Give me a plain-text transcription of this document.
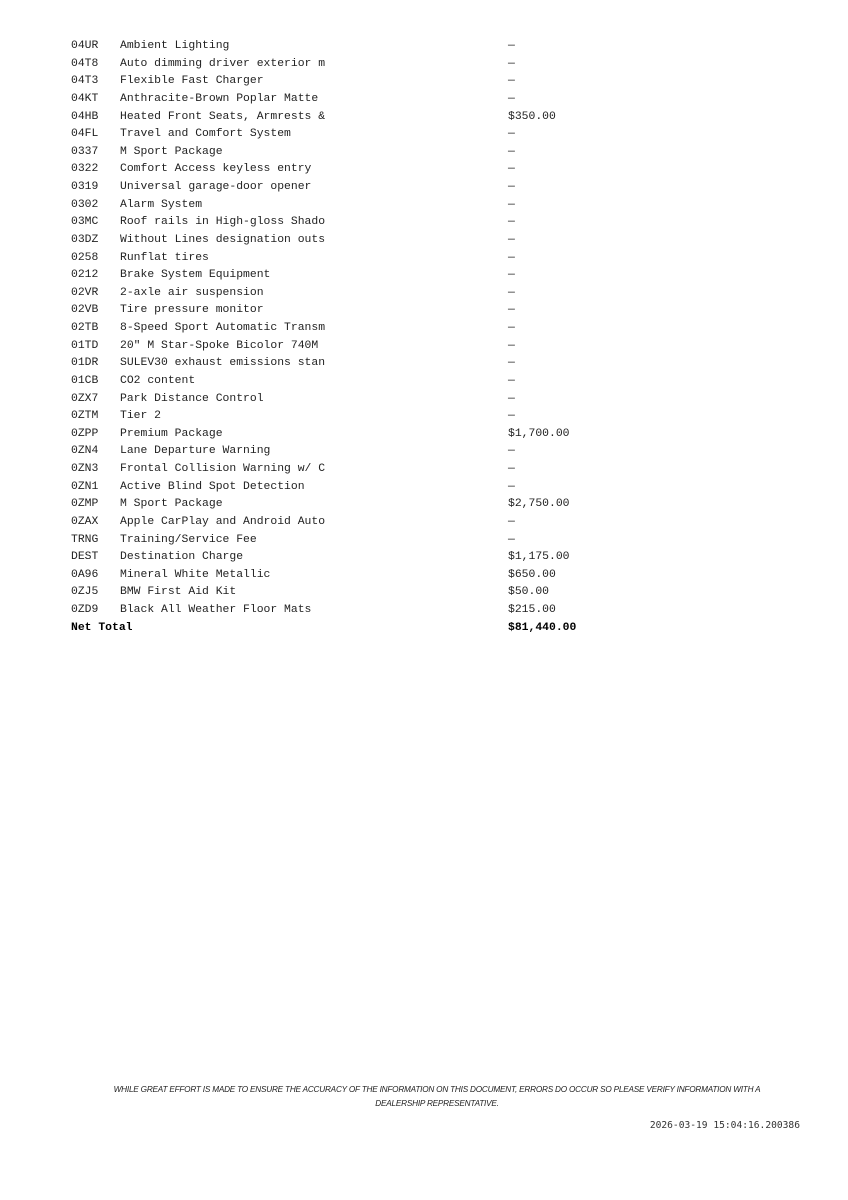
04UR	Ambient Lighting	—
04T8	Auto dimming driver exterior m	—
04T3	Flexible Fast Charger	—
04KT	Anthracite-Brown Poplar Matte	—
04HB	Heated Front Seats, Armrests &	$350.00
04FL	Travel and Comfort System	—
0337	M Sport Package	—
0322	Comfort Access keyless entry	—
0319	Universal garage-door opener	—
0302	Alarm System	—
03MC	Roof rails in High-gloss Shado	—
03DZ	Without Lines designation outs	—
0258	Runflat tires	—
0212	Brake System Equipment	—
02VR	2-axle air suspension	—
02VB	Tire pressure monitor	—
02TB	8-Speed Sport Automatic Transm	—
01TD	20" M Star-Spoke Bicolor 740M	—
01DR	SULEV30 exhaust emissions stan	—
01CB	CO2 content	—
0ZX7	Park Distance Control	—
0ZTM	Tier 2	—
0ZPP	Premium Package	$1,700.00
0ZN4	Lane Departure Warning	—
0ZN3	Frontal Collision Warning w/ C	—
0ZN1	Active Blind Spot Detection	—
0ZMP	M Sport Package	$2,750.00
0ZAX	Apple CarPlay and Android Auto	—
TRNG	Training/Service Fee	—
DEST	Destination Charge	$1,175.00
0A96	Mineral White Metallic	$650.00
0ZJ5	BMW First Aid Kit	$50.00
0ZD9	Black All Weather Floor Mats	$215.00
Net Total	$81,440.00
WHILE GREAT EFFORT IS MADE TO ENSURE THE ACCURACY OF THE INFORMATION ON THIS DOCUMENT, ERRORS DO OCCUR SO PLEASE VERIFY INFORMATION WITH A
DEALERSHIP REPRESENTATIVE.
2026-03-19 15:04:16.200386
